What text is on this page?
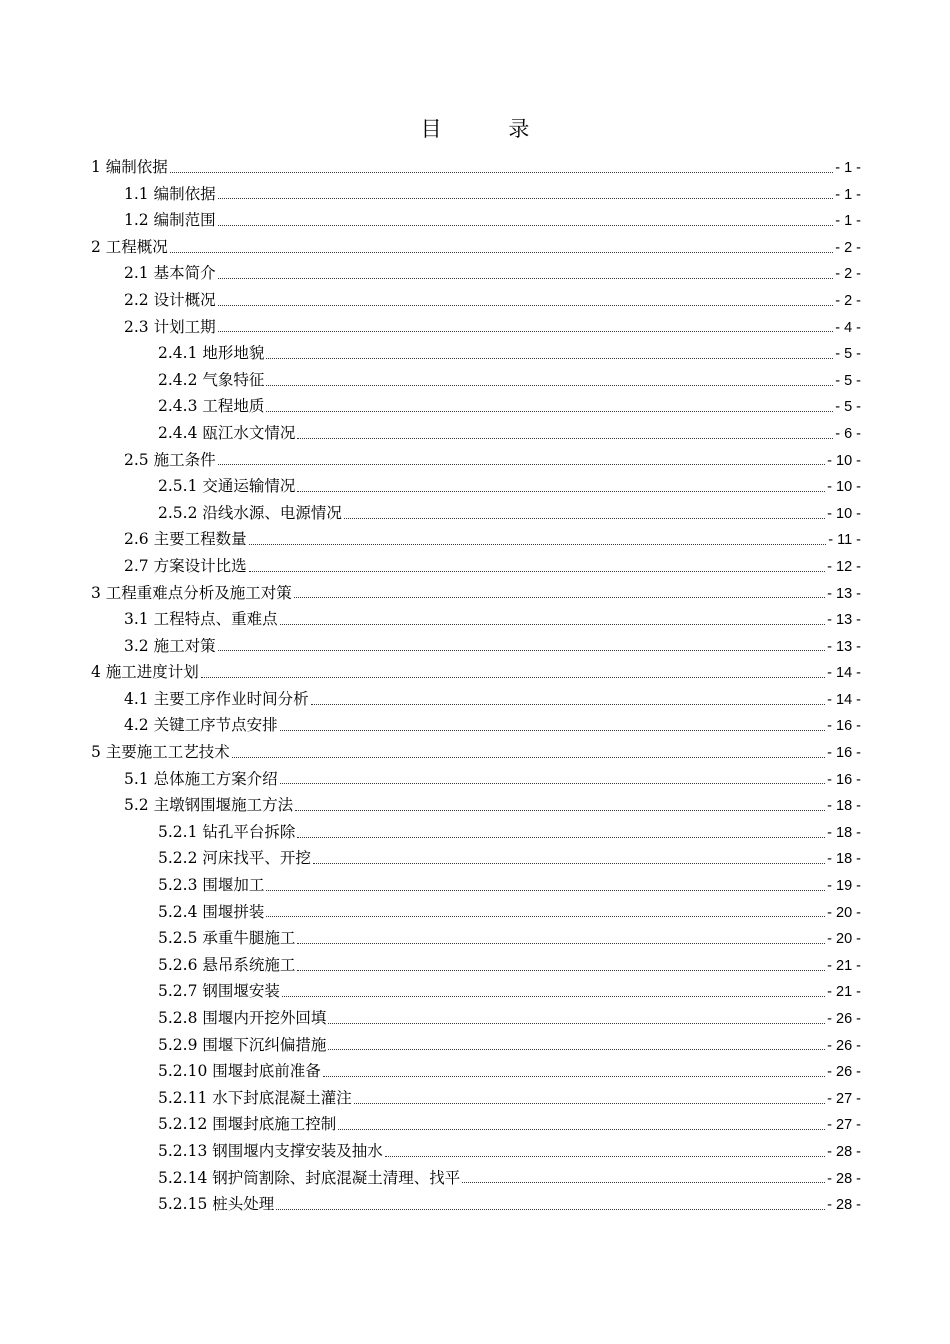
目 录
1 编制依据	- 1 -
1.1 编制依据	- 1 -
1.2 编制范围	- 1 -
2 工程概况	- 2 -
2.1 基本简介	- 2 -
2.2 设计概况	- 2 -
2.3 计划工期	- 4 -
2.4.1 地形地貌	- 5 -
2.4.2 气象特征	- 5 -
2.4.3 工程地质	- 5 -
2.4.4 瓯江水文情况	- 6 -
2.5 施工条件	- 10 -
2.5.1 交通运输情况	- 10 -
2.5.2 沿线水源、电源情况	- 10 -
2.6 主要工程数量	- 11 -
2.7 方案设计比选	- 12 -
3 工程重难点分析及施工对策	- 13 -
3.1 工程特点、重难点	- 13 -
3.2 施工对策	- 13 -
4 施工进度计划	- 14 -
4.1 主要工序作业时间分析	- 14 -
4.2 关键工序节点安排	- 16 -
5 主要施工工艺技术	- 16 -
5.1 总体施工方案介绍	- 16 -
5.2 主墩钢围堰施工方法	- 18 -
5.2.1 钻孔平台拆除	- 18 -
5.2.2 河床找平、开挖	- 18 -
5.2.3 围堰加工	- 19 -
5.2.4 围堰拼装	- 20 -
5.2.5 承重牛腿施工	- 20 -
5.2.6 悬吊系统施工	- 21 -
5.2.7 钢围堰安装	- 21 -
5.2.8 围堰内开挖外回填	- 26 -
5.2.9 围堰下沉纠偏措施	- 26 -
5.2.10 围堰封底前准备	- 26 -
5.2.11 水下封底混凝土灌注	- 27 -
5.2.12 围堰封底施工控制	- 27 -
5.2.13 钢围堰内支撑安装及抽水	- 28 -
5.2.14 钢护筒割除、封底混凝土清理、找平	- 28 -
5.2.15 桩头处理	- 28 -
